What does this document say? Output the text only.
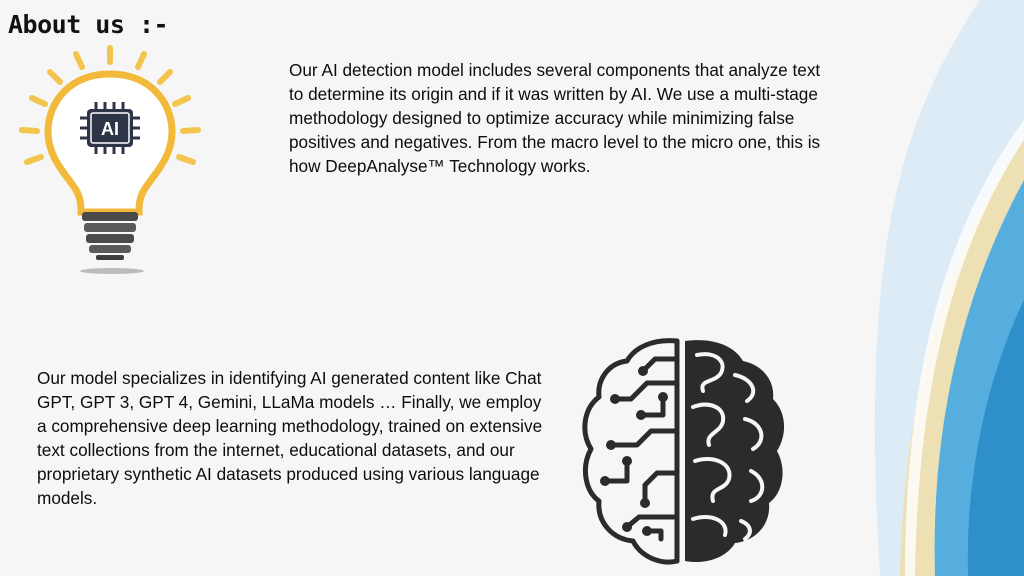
About us :-
AI

Our AI detection model includes several components that analyze text to determine its origin and if it was written by AI. We use a multi-stage methodology designed to optimize accuracy while minimizing false positives and negatives. From the macro level to the micro one, this is how DeepAnalyse™ Technology works.

Our model specializes in identifying AI generated content like Chat GPT, GPT 3, GPT 4, Gemini, LLaMa models … Finally, we employ a comprehensive deep learning methodology, trained on extensive text collections from the internet, educational datasets, and our proprietary synthetic AI datasets produced using various language models.
